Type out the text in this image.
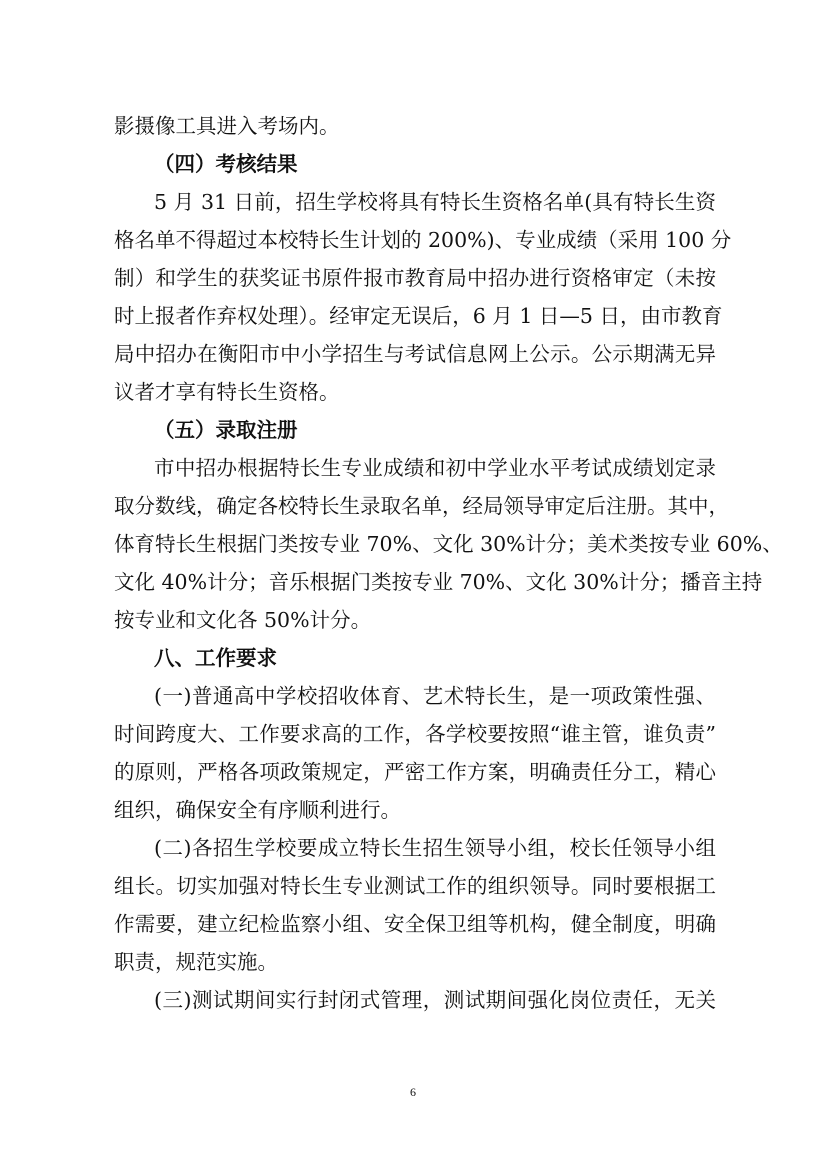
影摄像工具进入考场内。
（四）考核结果
5 月 31 日前，招生学校将具有特长生资格名单(具有特长生资
格名单不得超过本校特长生计划的 200%)、专业成绩（采用 100 分
制）和学生的获奖证书原件报市教育局中招办进行资格审定（未按
时上报者作弃权处理）。经审定无误后，6 月 1 日—5 日，由市教育
局中招办在衡阳市中小学招生与考试信息网上公示。公示期满无异
议者才享有特长生资格。
（五）录取注册
市中招办根据特长生专业成绩和初中学业水平考试成绩划定录
取分数线，确定各校特长生录取名单，经局领导审定后注册。其中，
体育特长生根据门类按专业 70%、文化 30%计分；美术类按专业 60%、
文化 40%计分；音乐根据门类按专业 70%、文化 30%计分；播音主持
按专业和文化各 50%计分。
八、工作要求
(一)普通高中学校招收体育、艺术特长生，是一项政策性强、
时间跨度大、工作要求高的工作，各学校要按照“谁主管，谁负责”
的原则，严格各项政策规定，严密工作方案，明确责任分工，精心
组织，确保安全有序顺利进行。
(二)各招生学校要成立特长生招生领导小组，校长任领导小组
组长。切实加强对特长生专业测试工作的组织领导。同时要根据工
作需要，建立纪检监察小组、安全保卫组等机构，健全制度，明确
职责，规范实施。
(三)测试期间实行封闭式管理，测试期间强化岗位责任，无关
6
